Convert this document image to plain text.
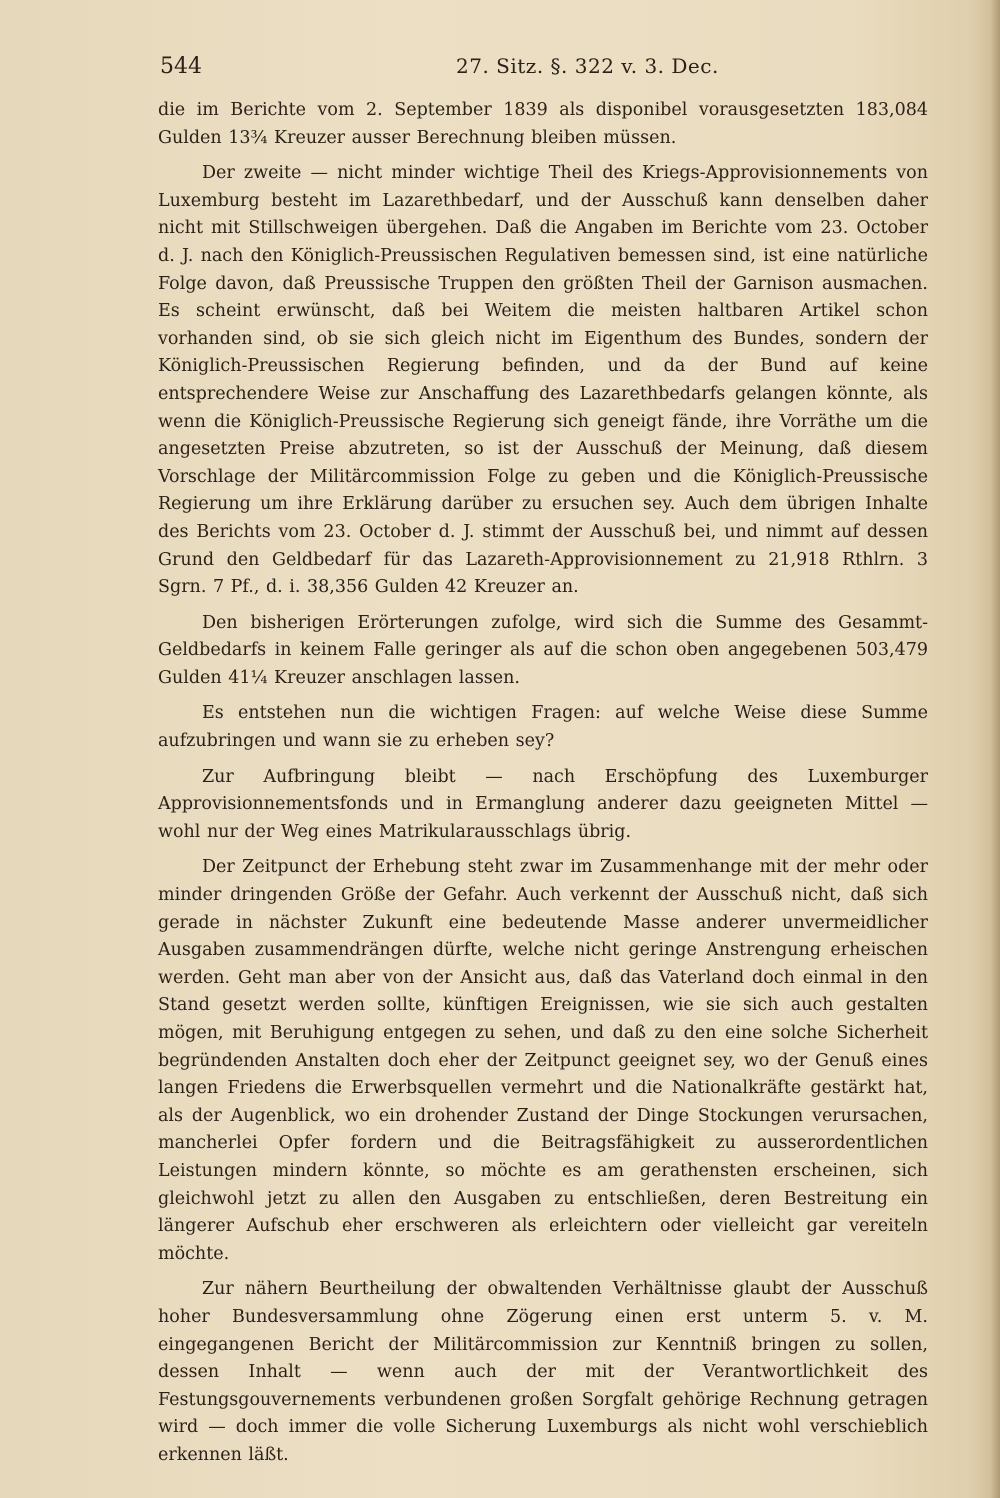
544	27. Sitz. §. 322 v. 3. Dec.

die im Berichte vom 2. September 1839 als disponibel vorausgesetzten 183,084 Gulden 13¾ Kreuzer ausser Berechnung bleiben müssen.

Der zweite — nicht minder wichtige Theil des Kriegs-Approvisionnements von Luxemburg besteht im Lazarethbedarf, und der Ausschuß kann denselben daher nicht mit Stillschweigen übergehen. Daß die Angaben im Berichte vom 23. October d. J. nach den Königlich-Preussischen Regulativen bemessen sind, ist eine natürliche Folge davon, daß Preussische Truppen den größten Theil der Garnison ausmachen. Es scheint erwünscht, daß bei Weitem die meisten haltbaren Artikel schon vorhanden sind, ob sie sich gleich nicht im Eigenthum des Bundes, sondern der Königlich-Preussischen Regierung befinden, und da der Bund auf keine entsprechendere Weise zur Anschaffung des Lazarethbedarfs gelangen könnte, als wenn die Königlich-Preussische Regierung sich geneigt fände, ihre Vorräthe um die angesetzten Preise abzutreten, so ist der Ausschuß der Meinung, daß diesem Vorschlage der Militärcommission Folge zu geben und die Königlich-Preussische Regierung um ihre Erklärung darüber zu ersuchen sey. Auch dem übrigen Inhalte des Berichts vom 23. October d. J. stimmt der Ausschuß bei, und nimmt auf dessen Grund den Geldbedarf für das Lazareth-Approvisionnement zu 21,918 Rthlrn. 3 Sgrn. 7 Pf., d. i. 38,356 Gulden 42 Kreuzer an.

Den bisherigen Erörterungen zufolge, wird sich die Summe des Gesammt-Geldbedarfs in keinem Falle geringer als auf die schon oben angegebenen 503,479 Gulden 41¼ Kreuzer anschlagen lassen.

Es entstehen nun die wichtigen Fragen: auf welche Weise diese Summe aufzubringen und wann sie zu erheben sey?

Zur Aufbringung bleibt — nach Erschöpfung des Luxemburger Approvisionnementsfonds und in Ermanglung anderer dazu geeigneten Mittel — wohl nur der Weg eines Matrikularausschlags übrig.

Der Zeitpunct der Erhebung steht zwar im Zusammenhange mit der mehr oder minder dringenden Größe der Gefahr. Auch verkennt der Ausschuß nicht, daß sich gerade in nächster Zukunft eine bedeutende Masse anderer unvermeidlicher Ausgaben zusammendrängen dürfte, welche nicht geringe Anstrengung erheischen werden. Geht man aber von der Ansicht aus, daß das Vaterland doch einmal in den Stand gesetzt werden sollte, künftigen Ereignissen, wie sie sich auch gestalten mögen, mit Beruhigung entgegen zu sehen, und daß zu den eine solche Sicherheit begründenden Anstalten doch eher der Zeitpunct geeignet sey, wo der Genuß eines langen Friedens die Erwerbsquellen vermehrt und die Nationalkräfte gestärkt hat, als der Augenblick, wo ein drohender Zustand der Dinge Stockungen verursachen, mancherlei Opfer fordern und die Beitragsfähigkeit zu ausserordentlichen Leistungen mindern könnte, so möchte es am gerathensten erscheinen, sich gleichwohl jetzt zu allen den Ausgaben zu entschließen, deren Bestreitung ein längerer Aufschub eher erschweren als erleichtern oder vielleicht gar vereiteln möchte.

Zur nähern Beurtheilung der obwaltenden Verhältnisse glaubt der Ausschuß hoher Bundesversammlung ohne Zögerung einen erst unterm 5. v. M. eingegangenen Bericht der Militärcommission zur Kenntniß bringen zu sollen, dessen Inhalt — wenn auch der mit der Verantwortlichkeit des Festungsgouvernements verbundenen großen Sorgfalt gehörige Rechnung getragen wird — doch immer die volle Sicherung Luxemburgs als nicht wohl verschieblich erkennen läßt.
